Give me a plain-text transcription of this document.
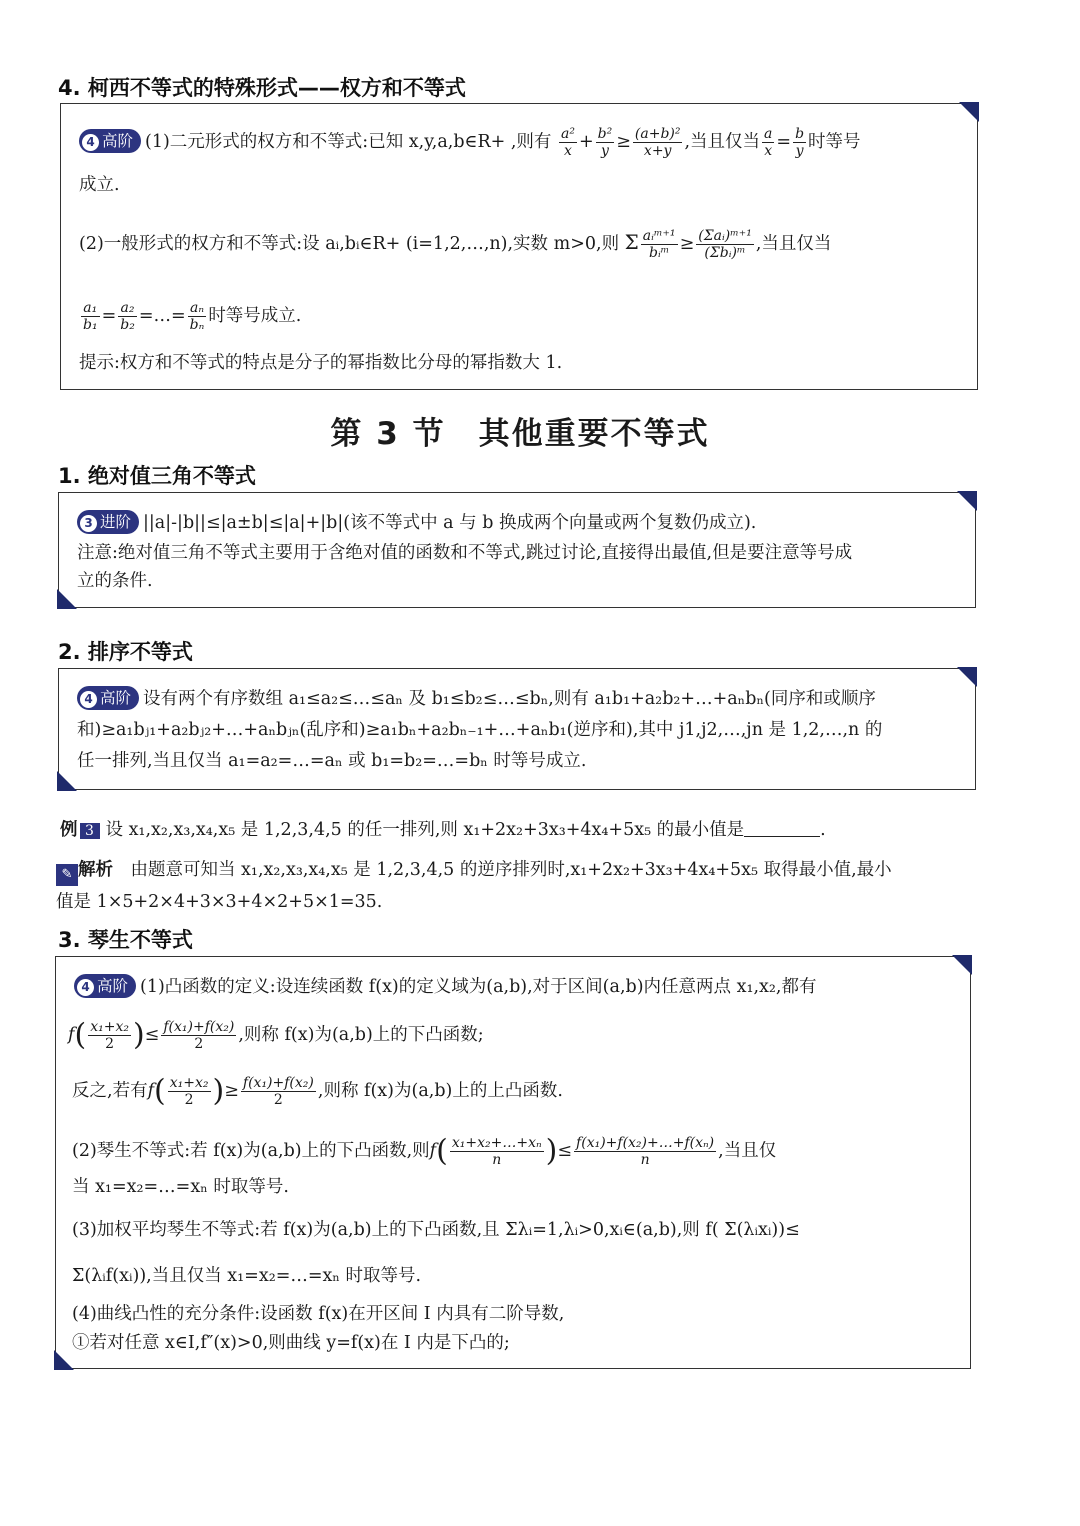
4. 柯西不等式的特殊形式——权方和不等式
4 高阶 (1)二元形式的权方和不等式:已知 x,y,a,b∈R+ ,则有 $\frac{\text{a²}}{x} + \frac{\text{b²}}{y} \ge \frac{\text{(a+b)²}}{x+y}$ ,当且仅当 $\frac{a}{x} = \frac{b}{y}$ 时等号
成立.
(2)一般形式的权方和不等式:设 aᵢ,bᵢ∈R+ (i=1,2,…,n),实数 m>0,则 Σ $\frac{\text{aᵢᵐ⁺¹}}{\text{bᵢᵐ}} \ge \frac{\text{(Σaᵢ)ᵐ⁺¹}}{\text{(Σbᵢ)ᵐ}}$ ,当且仅当
$\frac{\text{a₁}}{\text{b₁}} = \frac{\text{a₂}}{\text{b₂}}$ =…= $\frac{\text{aₙ}}{\text{bₙ}}$ 时等号成立.
提示:权方和不等式的特点是分子的幂指数比分母的幂指数大 1.
第 3 节　其他重要不等式
1. 绝对值三角不等式
3 进阶 ||a|-|b||≤|a±b|≤|a|+|b|(该不等式中 a 与 b 换成两个向量或两个复数仍成立).
注意:绝对值三角不等式主要用于含绝对值的函数和不等式,跳过讨论,直接得出最值,但是要注意等号成
立的条件.
2. 排序不等式
4 高阶 设有两个有序数组 a₁≤a₂≤…≤aₙ 及 b₁≤b₂≤…≤bₙ,则有 a₁b₁+a₂b₂+…+aₙbₙ(同序和或顺序
和)≥a₁bⱼ₁+a₂bⱼ₂+…+aₙbⱼₙ(乱序和)≥a₁bₙ+a₂bₙ₋₁+…+aₙb₁(逆序和),其中 j1,j2,…,jn 是 1,2,…,n 的
任一排列,当且仅当 a₁=a₂=…=aₙ 或 b₁=b₂=…=bₙ 时等号成立.
例 3 设 x₁,x₂,x₃,x₄,x₅ 是 1,2,3,4,5 的任一排列,则 x₁+2x₂+3x₃+4x₄+5x₅ 的最小值是	.
✎ 解析　 由题意可知当 x₁,x₂,x₃,x₄,x₅ 是 1,2,3,4,5 的逆序排列时,x₁+2x₂+3x₃+4x₄+5x₅ 取得最小值,最小
值是 1×5+2×4+3×3+4×2+5×1=35.
3. 琴生不等式
4 高阶 (1)凸函数的定义:设连续函数 f(x)的定义域为(a,b),对于区间(a,b)内任意两点 x₁,x₂,都有
$f( \frac{\text{x₁+x₂}}{2}$ )≤ $\frac{\text{f(x₁)+f(x₂)}}{2}$ ,则称 f(x)为(a,b)上的下凸函数;
反之,若有$f( \frac{\text{x₁+x₂}}{2}$ )≥ $\frac{\text{f(x₁)+f(x₂)}}{2}$ ,则称 f(x)为(a,b)上的上凸函数.
(2)琴生不等式:若 f(x)为(a,b)上的下凸函数,则$f( \frac{\text{x₁+x₂+…+xₙ}}{n}$ )≤ $\frac{\text{f(x₁)+f(x₂)+…+f(xₙ)}}{n}$ ,当且仅
当 x₁=x₂=…=xₙ 时取等号.
(3)加权平均琴生不等式:若 f(x)为(a,b)上的下凸函数,且 Σλᵢ=1,λᵢ>0,xᵢ∈(a,b),则 f( Σ(λᵢxᵢ))≤
Σ(λᵢf(xᵢ)),当且仅当 x₁=x₂=…=xₙ 时取等号.
(4)曲线凸性的充分条件:设函数 f(x)在开区间 I 内具有二阶导数,
①若对任意 x∈I,f″(x)>0,则曲线 y=f(x)在 I 内是下凸的;
